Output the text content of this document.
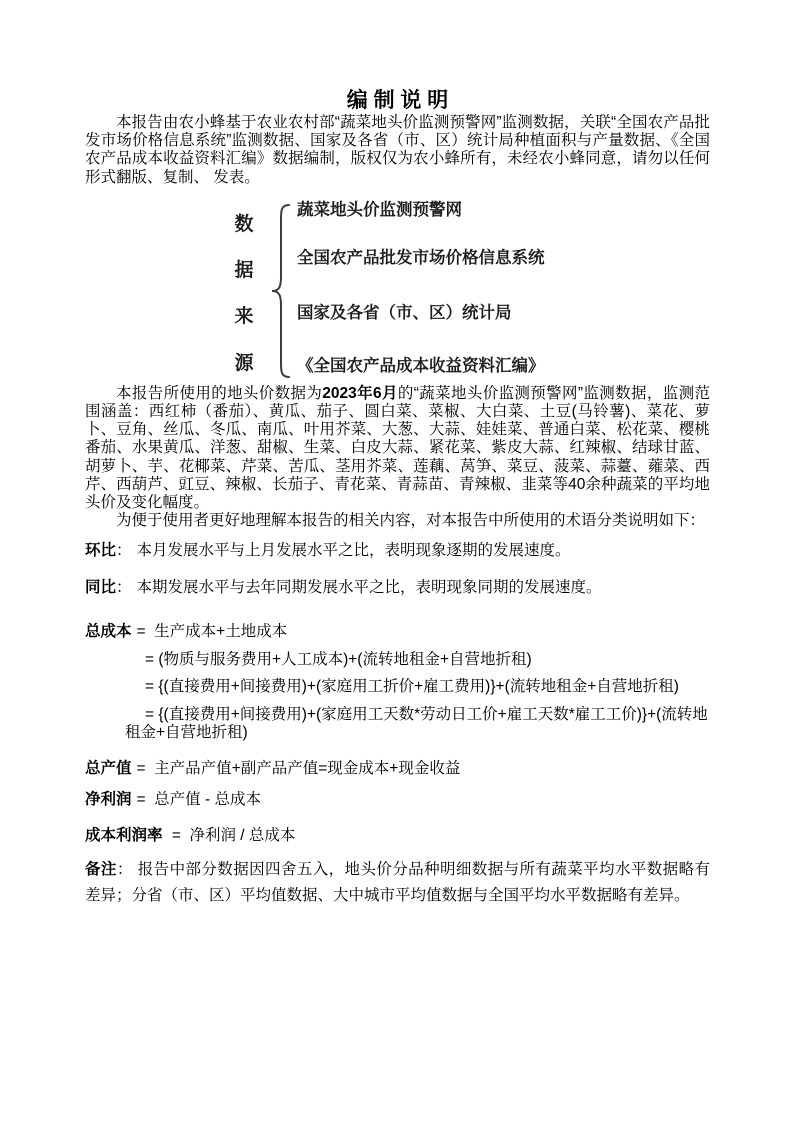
编 制 说 明

本报告由农小蜂基于农业农村部“蔬菜地头价监测预警网”监测数据，关联“全国农产品批发市场价格信息系统”监测数据、国家及各省（市、区）统计局种植面积与产量数据、《全国农产品成本收益资料汇编》数据编制，版权仅为农小蜂所有，未经农小蜂同意，请勿以任何形式翻版、复制、 发表。

数
据
来
源
蔬菜地头价监测预警网
全国农产品批发市场价格信息系统
国家及各省（市、区）统计局
《全国农产品成本收益资料汇编》

本报告所使用的地头价数据为2023年6月的“蔬菜地头价监测预警网”监测数据，监测范围涵盖：西红柿（番茄）、黄瓜、茄子、圆白菜、菜椒、大白菜、土豆(马铃薯)、菜花、萝卜、豆角、丝瓜、冬瓜、南瓜、叶用芥菜、大葱、大蒜、娃娃菜、普通白菜、松花菜、樱桃番茄、水果黄瓜、洋葱、甜椒、生菜、白皮大蒜、紧花菜、紫皮大蒜、红辣椒、结球甘蓝、胡萝卜、芋、花椰菜、芹菜、苦瓜、茎用芥菜、莲藕、莴笋、菜豆、菠菜、蒜薹、蕹菜、西芹、西葫芦、豇豆、辣椒、长茄子、青花菜、青蒜苗、青辣椒、韭菜等40余种蔬菜的平均地头价及变化幅度。

为便于使用者更好地理解本报告的相关内容，对本报告中所使用的术语分类说明如下：

环比： 本月发展水平与上月发展水平之比，表明现象逐期的发展速度。
同比： 本期发展水平与去年同期发展水平之比，表明现象同期的发展速度。
总成本 =  生产成本+土地成本
= (物质与服务费用+人工成本)+(流转地租金+自营地折租)
= {(直接费用+间接费用)+(家庭用工折价+雇工费用)}+(流转地租金+自营地折租)
= {(直接费用+间接费用)+(家庭用工天数*劳动日工价+雇工天数*雇工工价)}+(流转地租金+自营地折租)
总产值 =  主产品产值+副产品产值=现金成本+现金收益
净利润 =  总产值 - 总成本
成本利润率 =  净利润 / 总成本
备注： 报告中部分数据因四舍五入，地头价分品种明细数据与所有蔬菜平均水平数据略有差异；分省（市、区）平均值数据、大中城市平均值数据与全国平均水平数据略有差异。
